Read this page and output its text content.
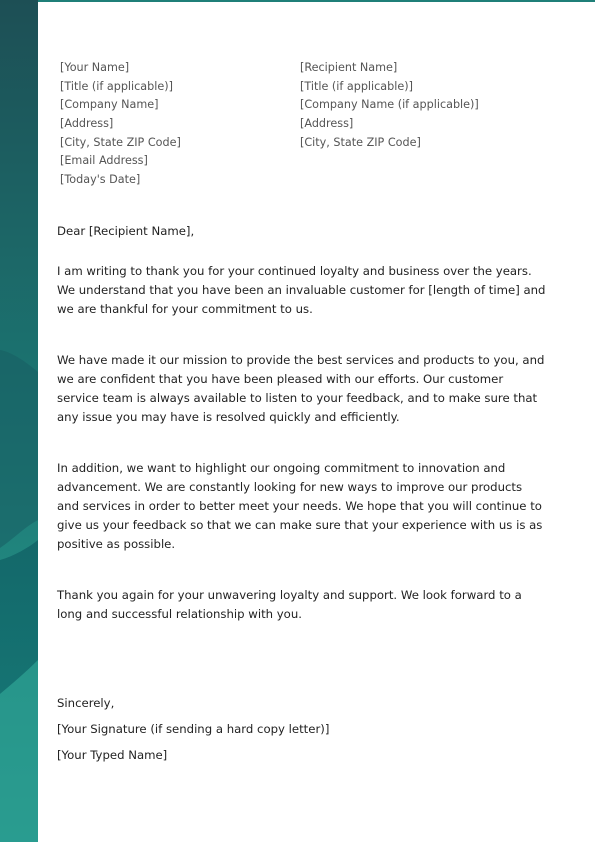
[Your Name]
[Title (if applicable)]
[Company Name]
[Address]
[City, State ZIP Code]
[Email Address]
[Today's Date]
[Recipient Name]
[Title (if applicable)]
[Company Name (if applicable)]
[Address]
[City, State ZIP Code]

Dear [Recipient Name],

I am writing to thank you for your continued loyalty and business over the years. We understand that you have been an invaluable customer for [length of time] and we are thankful for your commitment to us.

We have made it our mission to provide the best services and products to you, and we are confident that you have been pleased with our efforts. Our customer service team is always available to listen to your feedback, and to make sure that any issue you may have is resolved quickly and efficiently.

In addition, we want to highlight our ongoing commitment to innovation and advancement. We are constantly looking for new ways to improve our products and services in order to better meet your needs. We hope that you will continue to give us your feedback so that we can make sure that your experience with us is as positive as possible.

Thank you again for your unwavering loyalty and support. We look forward to a long and successful relationship with you.

Sincerely,

[Your Signature (if sending a hard copy letter)]

[Your Typed Name]
